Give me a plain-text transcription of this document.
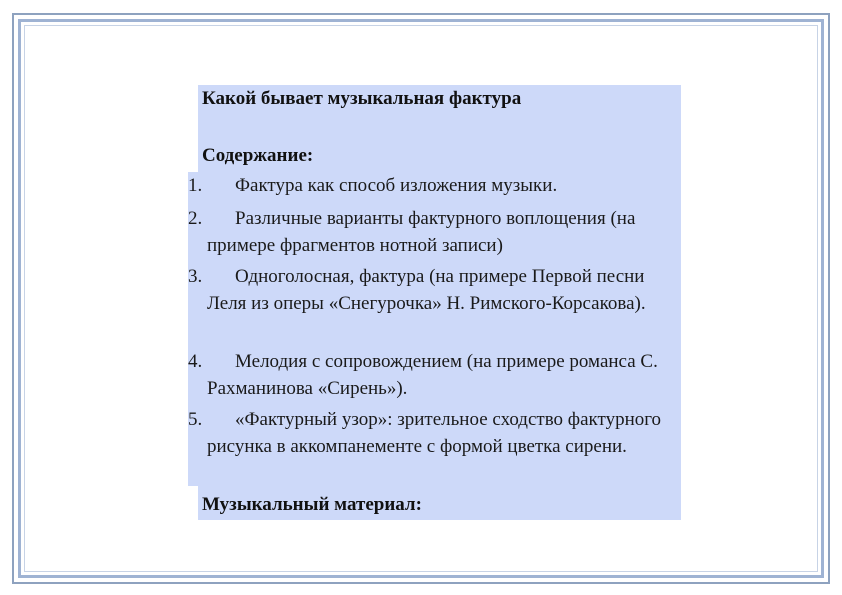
Какой бывает музыкальная фактура
Содержание:
1.	Фактура как способ изложения музыки.
2.	Различные варианты фактурного воплощения (на примере фрагментов нотной записи)
3.	Одноголосная, фактура (на примере Первой песни Леля из оперы «Снегурочка» Н. Римского-Корсакова).
4.	Мелодия с сопровождением (на примере романса С. Рахманинова «Сирень»).
5.	«Фактурный узор»: зрительное сходство фактурного рисунка в аккомпанементе с формой цветка сирени.
Музыкальный материал:
